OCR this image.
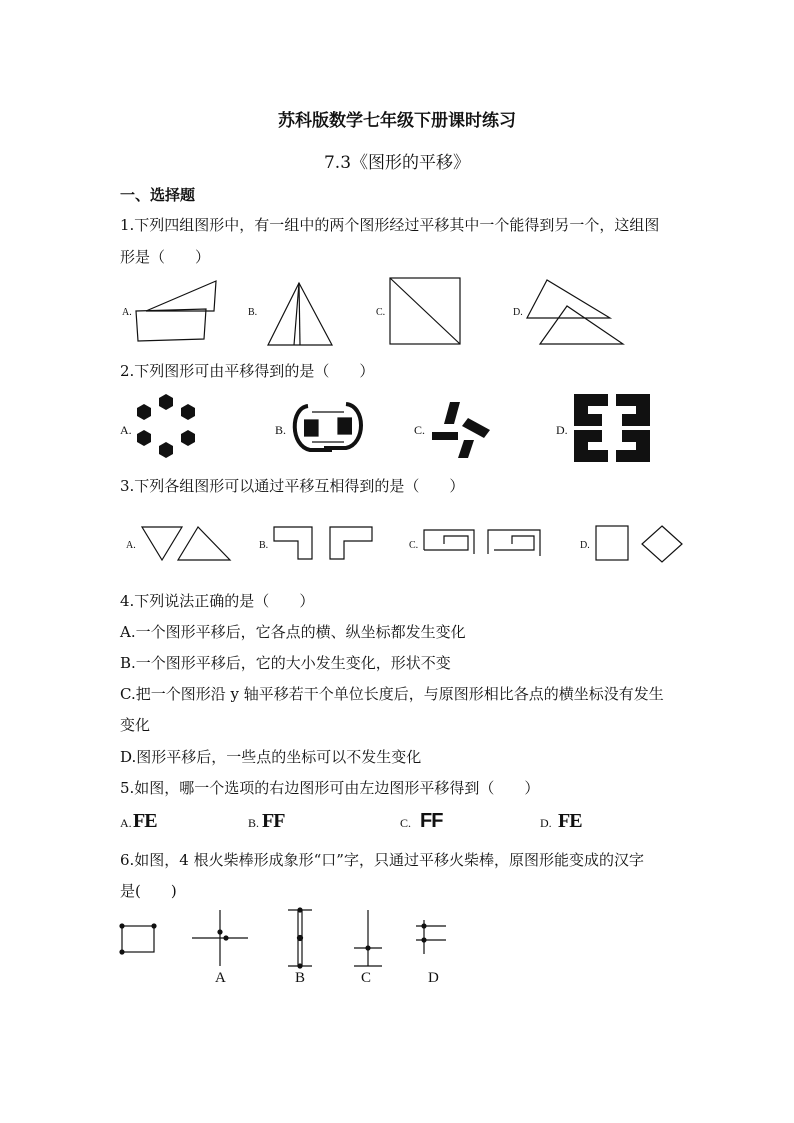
苏科版数学七年级下册课时练习
7.3《图形的平移》
一、选择题
1.下列四组图形中，有一组中的两个图形经过平移其中一个能得到另一个，这组图
形是（　　）
A.	B.	C.	D.
2.下列图形可由平移得到的是（　　）
A.	B.	C.	D.
3.下列各组图形可以通过平移互相得到的是（　　）
A.	B.	C.	D.
4.下列说法正确的是（　　）
A.一个图形平移后，它各点的横、纵坐标都发生变化
B.一个图形平移后，它的大小发生变化，形状不变
C.把一个图形沿 y 轴平移若干个单位长度后，与原图形相比各点的横坐标没有发生
变化
D.图形平移后，一些点的坐标可以不发生变化
5.如图，哪一个选项的右边图形可由左边图形平移得到（　　）
A. FE	B. FF	C. FF	D. FE
6.如图，4 根火柴棒形成象形“口”字，只通过平移火柴棒，原图形能变成的汉字
是(　　)
A	B	C	D
